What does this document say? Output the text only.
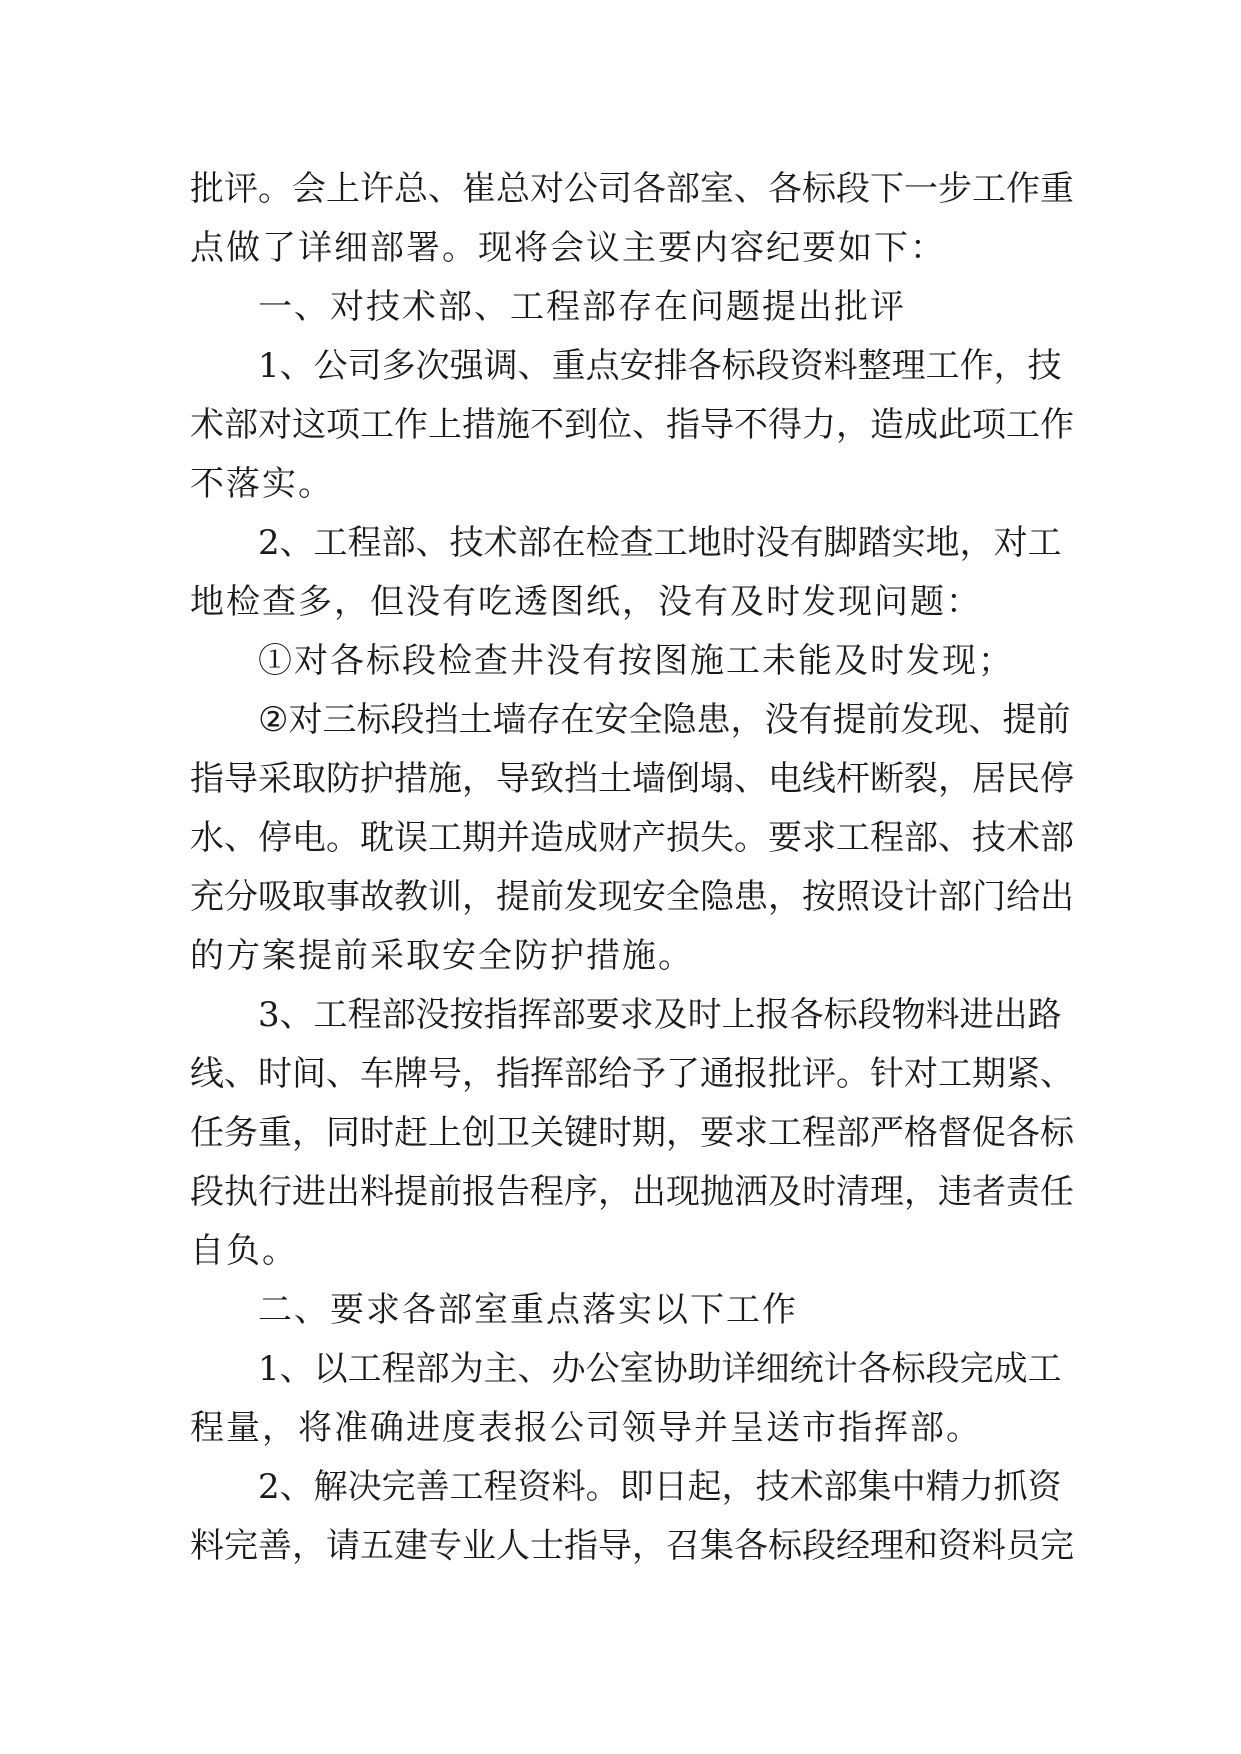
批 评 。 会 上 许 总 、 崔 总 对 公 司 各 部 室 、 各 标 段 下 一 步 工 作 重
点做了详细部署。现将会议主要内容纪要如下：
一、对技术部、工程部存在问题提出批评
1 、 公 司 多 次 强 调 、 重 点 安 排 各 标 段 资 料 整 理 工 作 ， 技
术 部 对 这 项 工 作 上 措 施 不 到 位 、 指 导 不 得 力 ， 造 成 此 项 工 作
不落实。
2 、 工 程 部 、 技 术 部 在 检 查 工 地 时 没 有 脚 踏 实 地 ， 对 工
地检查多，但没有吃透图纸，没有及时发现问题：
①对各标段检查井没有按图施工未能及时发现；
② 对 三 标 段 挡 土 墙 存 在 安 全 隐 患 ， 没 有 提 前 发 现 、 提 前
指 导 采 取 防 护 措 施 ， 导 致 挡 土 墙 倒 塌 、 电 线 杆 断 裂 ， 居 民 停
水 、 停 电 。 耽 误 工 期 并 造 成 财 产 损 失 。 要 求 工 程 部 、 技 术 部
充 分 吸 取 事 故 教 训 ， 提 前 发 现 安 全 隐 患 ， 按 照 设 计 部 门 给 出
的方案提前采取安全防护措施。
3 、 工 程 部 没 按 指 挥 部 要 求 及 时 上 报 各 标 段 物 料 进 出 路
线 、 时 间 、 车 牌 号 ， 指 挥 部 给 予 了 通 报 批 评 。 针 对 工 期 紧 、
任 务 重 ， 同 时 赶 上 创 卫 关 键 时 期 ， 要 求 工 程 部 严 格 督 促 各 标
段 执 行 进 出 料 提 前 报 告 程 序 ， 出 现 抛 洒 及 时 清 理 ， 违 者 责 任
自负。
二、要求各部室重点落实以下工作
1 、 以 工 程 部 为 主 、 办 公 室 协 助 详 细 统 计 各 标 段 完 成 工
程量，将准确进度表报公司领导并呈送市指挥部。
2 、 解 决 完 善 工 程 资 料 。 即 日 起 ， 技 术 部 集 中 精 力 抓 资
料 完 善 ， 请 五 建 专 业 人 士 指 导 ， 召 集 各 标 段 经 理 和 资 料 员 完
